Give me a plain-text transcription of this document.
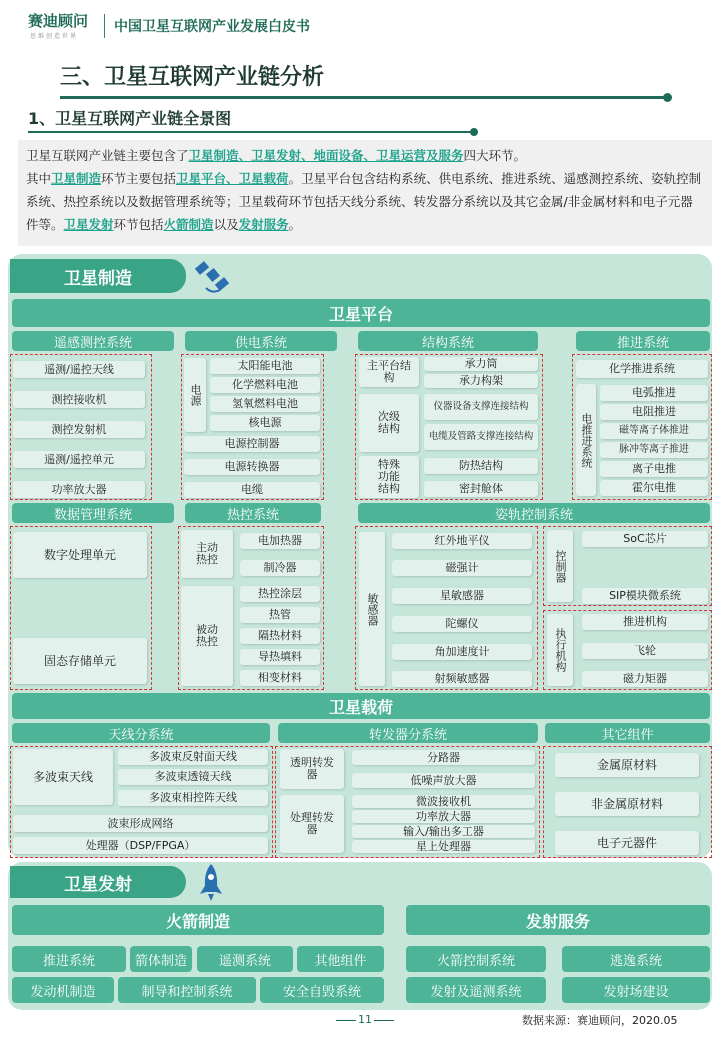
赛迪顾问
思维创造世界
中国卫星互联网产业发展白皮书
三、卫星互联网产业链分析
1、卫星互联网产业链全景图
卫星互联网产业链主要包含了卫星制造、卫星发射、地面设备、卫星运营及服务四大环节。
其中卫星制造环节主要包括卫星平台、卫星载荷。卫星平台包含结构系统、供电系统、推进系统、遥感测控系统、姿轨控制系统、热控系统以及数据管理系统等；卫星载荷环节包括天线分系统、转发器分系统以及其它金属/非金属材料和电子元器件等。卫星发射环节包括火箭制造以及发射服务。
卫星制造
卫星平台
遥感测控系统
遥测/遥控天线
测控接收机
测控发射机
遥测/遥控单元
功率放大器
供电系统
电源
太阳能电池
化学燃料电池
氢氧燃料电池
核电源
电源控制器
电源转换器
电缆
结构系统
主平台结构
承力筒
承力构架
次级结构
仪器设备支撑连接结构
电缆及管路支撑连接结构
特殊功能结构
防热结构
密封舱体
推进系统
化学推进系统
电推进系统
电弧推进
电阻推进
磁等离子体推进
脉冲等离子推进
离子电推
霍尔电推
数据管理系统
数字处理单元
固态存储单元
热控系统
主动热控
电加热器
制冷器
被动热控
热控涂层
热管
隔热材料
导热填料
相变材料
姿轨控制系统
敏感器
红外地平仪
磁强计
星敏感器
陀螺仪
角加速度计
射频敏感器
控制器
SoC芯片
SIP模块微系统
执行机构
推进机构
飞轮
磁力矩器
卫星载荷
天线分系统
多波束天线
多波束反射面天线
多波束透镜天线
多波束相控阵天线
波束形成网络
处理器（DSP/FPGA）
转发器分系统
透明转发器
分路器
低噪声放大器
处理转发器
微波接收机
功率放大器
输入/输出多工器
星上处理器
其它组件
金属原材料
非金属原材料
电子元器件
卫星发射
火箭制造
推进系统	箭体制造	遥测系统	其他组件
发动机制造	制导和控制系统	安全自毁系统
发射服务
火箭控制系统	逃逸系统
发射及遥测系统	发射场建设
11	数据来源：赛迪顾问，2020.05
